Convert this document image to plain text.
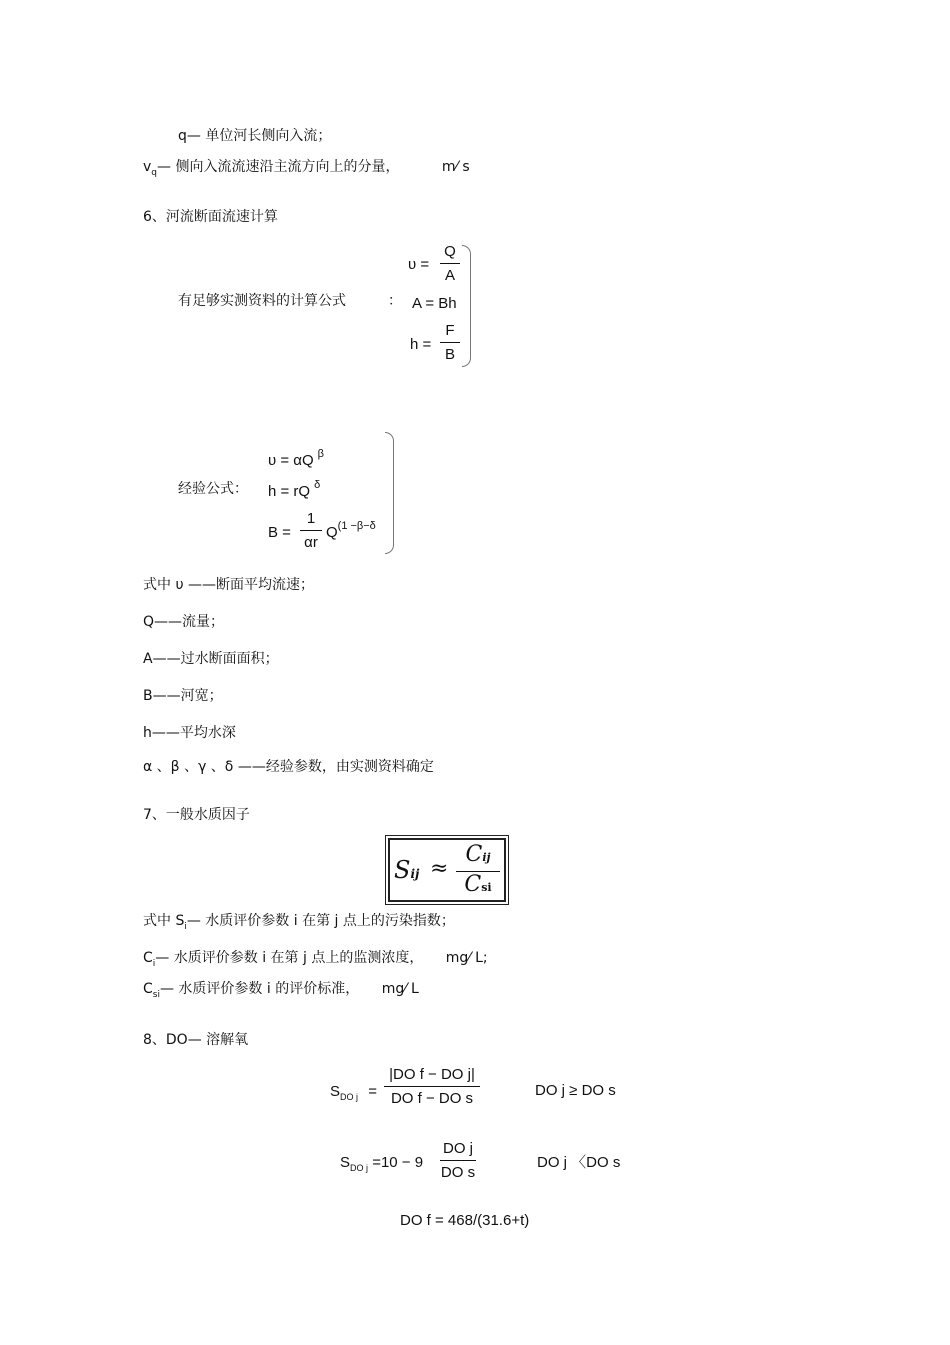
q— 单位河长侧向入流；
$v_q—$ 侧向入流流速沿主流方向上的分量，	m⁄ s
6、河流断面流速计算
有足够实测资料的计算公式	：
υ =
Q
A
A = Bh
h =
F
B
经验公式：
υ = αQ $^\beta$
h = rQ $^\delta$
B =
1
αr
$Q^{(1 -\beta-\delta}$
式中 υ ——断面平均流速；
Q——流量；
A——过水断面面积；
B——河宽；
h——平均水深
α 、β 、γ 、δ ——经验参数，由实测资料确定
7、一般水质因子
Sij ≈
Cij
Csi
式中 $S_i—$ 水质评价参数 i 在第 j 点上的污染指数；
$C_i—$ 水质评价参数 i 在第 j 点上的监测浓度， mg⁄ L;
$C_{si}—$ 水质评价参数 i 的评价标准， mg⁄ L
8、DO— 溶解氧
$S_{DO j}$ =
|DO f − DO j|
DO f − DO s	DO j ≥ DO s
$S_{DO j} =10 - 9$
DO j
DO s
DO j 〈DO s
DO f = 468/(31.6+t)
